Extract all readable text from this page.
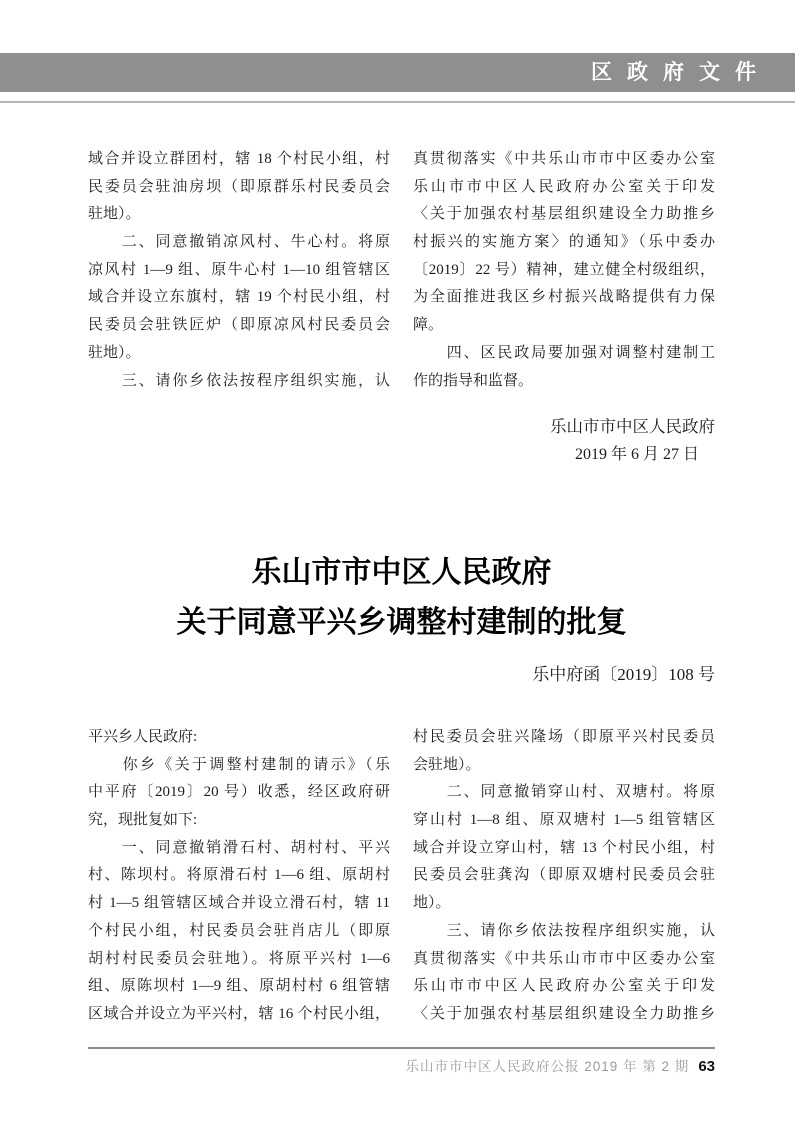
区政府文件
域合并设立群团村，辖 18 个村民小组，村
民委员会驻油房坝（即原群乐村民委员会
驻地）。
　　二、同意撤销凉风村、牛心村。将原
凉风村 1—9 组、原牛心村 1—10 组管辖区
域合并设立东旗村，辖 19 个村民小组，村
民委员会驻铁匠炉（即原凉风村民委员会
驻地）。
　　三、请你乡依法按程序组织实施，认
真贯彻落实《中共乐山市市中区委办公室
乐山市市中区人民政府办公室关于印发
〈关于加强农村基层组织建设全力助推乡
村振兴的实施方案〉的通知》（乐中委办
〔2019〕22 号）精神，建立健全村级组织，
为全面推进我区乡村振兴战略提供有力保
障。
　　四、区民政局要加强对调整村建制工
作的指导和监督。
乐山市市中区人民政府
2019 年 6 月 27 日
乐山市市中区人民政府
关于同意平兴乡调整村建制的批复
乐中府函〔2019〕108 号
平兴乡人民政府:
　　你乡《关于调整村建制的请示》（乐
中平府〔2019〕20 号）收悉，经区政府研
究，现批复如下:
　　一、同意撤销滑石村、胡村村、平兴
村、陈坝村。将原滑石村 1—6 组、原胡村
村 1—5 组管辖区域合并设立滑石村，辖 11
个村民小组，村民委员会驻肖店儿（即原
胡村村民委员会驻地）。将原平兴村 1—6
组、原陈坝村 1—9 组、原胡村村 6 组管辖
区域合并设立为平兴村，辖 16 个村民小组，
村民委员会驻兴隆场（即原平兴村民委员
会驻地）。
　　二、同意撤销穿山村、双塘村。将原
穿山村 1—8 组、原双塘村 1—5 组管辖区
域合并设立穿山村，辖 13 个村民小组，村
民委员会驻龚沟（即原双塘村民委员会驻
地）。
　　三、请你乡依法按程序组织实施，认
真贯彻落实《中共乐山市市中区委办公室
乐山市市中区人民政府办公室关于印发
〈关于加强农村基层组织建设全力助推乡
乐山市市中区人民政府公报 2019 年 第 2 期 63
